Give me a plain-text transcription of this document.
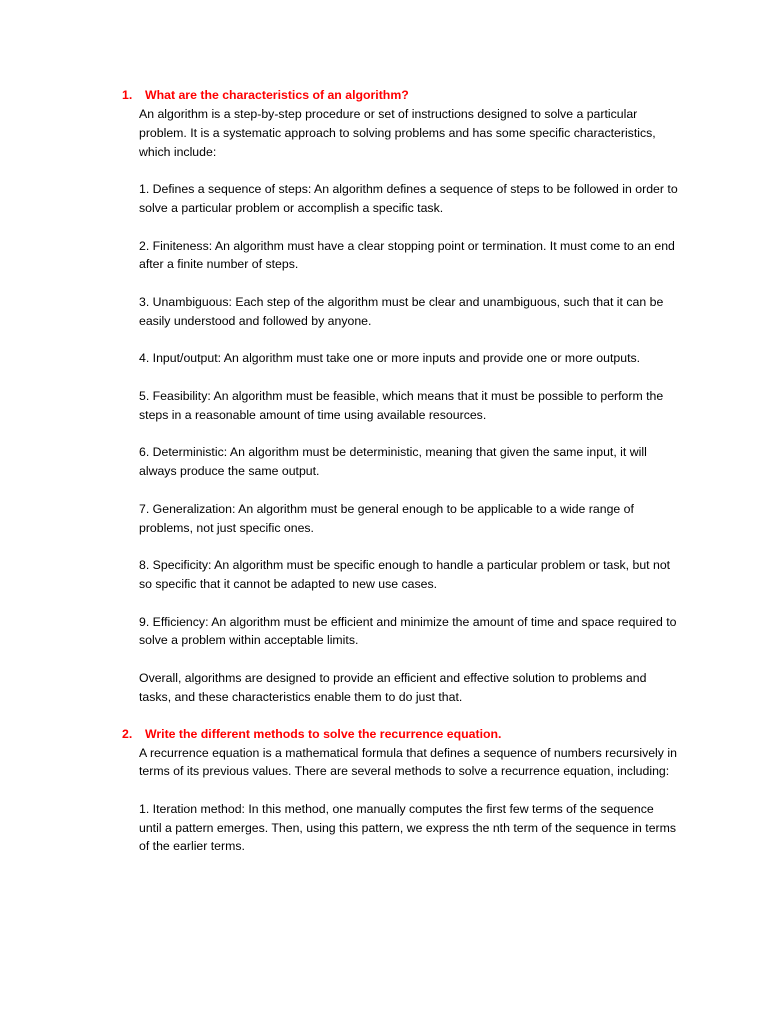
1. What are the characteristics of an algorithm?
An algorithm is a step-by-step procedure or set of instructions designed to solve a particular problem. It is a systematic approach to solving problems and has some specific characteristics, which include:
1. Defines a sequence of steps: An algorithm defines a sequence of steps to be followed in order to solve a particular problem or accomplish a specific task.
2. Finiteness: An algorithm must have a clear stopping point or termination. It must come to an end after a finite number of steps.
3. Unambiguous: Each step of the algorithm must be clear and unambiguous, such that it can be easily understood and followed by anyone.
4. Input/output: An algorithm must take one or more inputs and provide one or more outputs.
5. Feasibility: An algorithm must be feasible, which means that it must be possible to perform the steps in a reasonable amount of time using available resources.
6. Deterministic: An algorithm must be deterministic, meaning that given the same input, it will always produce the same output.
7. Generalization: An algorithm must be general enough to be applicable to a wide range of problems, not just specific ones.
8. Specificity: An algorithm must be specific enough to handle a particular problem or task, but not so specific that it cannot be adapted to new use cases.
9. Efficiency: An algorithm must be efficient and minimize the amount of time and space required to solve a problem within acceptable limits.
Overall, algorithms are designed to provide an efficient and effective solution to problems and tasks, and these characteristics enable them to do just that.
2. Write the different methods to solve the recurrence equation.
A recurrence equation is a mathematical formula that defines a sequence of numbers recursively in terms of its previous values. There are several methods to solve a recurrence equation, including:
1. Iteration method: In this method, one manually computes the first few terms of the sequence until a pattern emerges. Then, using this pattern, we express the nth term of the sequence in terms of the earlier terms.
